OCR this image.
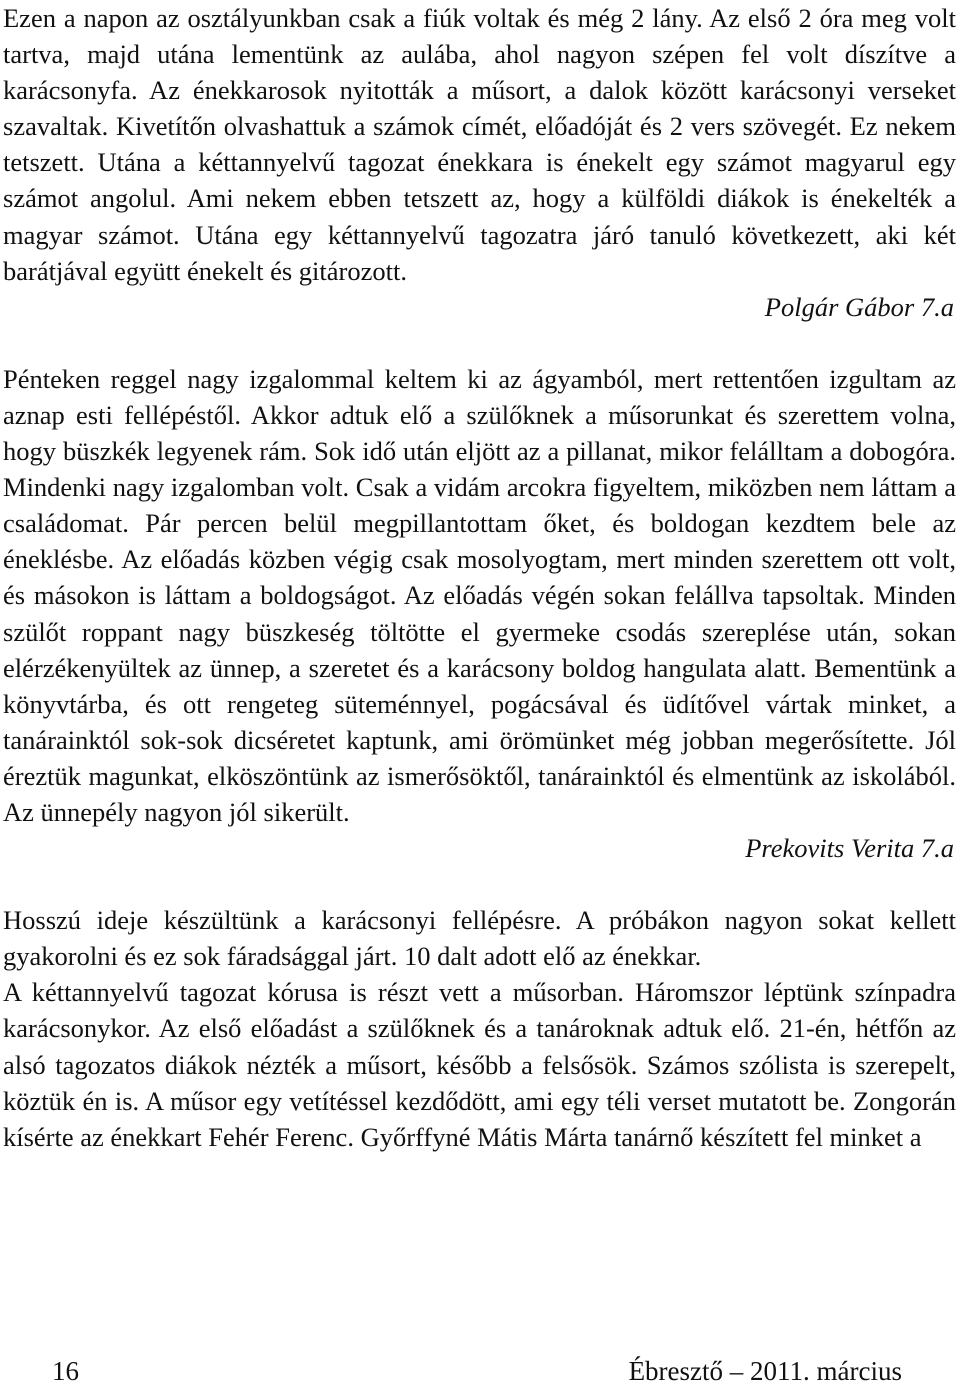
Ezen a napon az osztályunkban csak a fiúk voltak és még 2 lány. Az első 2 óra meg volt tartva, majd utána lementünk az aulába, ahol nagyon szépen fel volt díszítve a karácsonyfa. Az énekkarosok nyitották a műsort, a dalok között karácsonyi verseket szavaltak. Kivetítőn olvashattuk a számok címét, előadóját és 2 vers szövegét. Ez nekem tetszett. Utána a kéttannyelvű tagozat énekkara is énekelt egy számot magyarul egy számot angolul. Ami nekem ebben tetszett az, hogy a külföldi diákok is énekelték a magyar számot. Utána egy kéttannyelvű tagozatra járó tanuló következett, aki két barátjával együtt énekelt és gitározott.

Polgár Gábor 7.a

Pénteken reggel nagy izgalommal keltem ki az ágyamból, mert rettentően izgultam az aznap esti fellépéstől. Akkor adtuk elő a szülőknek a műsorunkat és szerettem volna, hogy büszkék legyenek rám. Sok idő után eljött az a pillanat, mikor felálltam a dobogóra. Mindenki nagy izgalomban volt. Csak a vidám arcokra figyeltem, miközben nem láttam a családomat. Pár percen belül megpillantottam őket, és boldogan kezdtem bele az éneklésbe. Az előadás közben végig csak mosolyogtam, mert minden szerettem ott volt, és másokon is láttam a boldogságot. Az előadás végén sokan felállva tapsoltak. Minden szülőt roppant nagy büszkeség töltötte el gyermeke csodás szereplése után, sokan elérzékenyültek az ünnep, a szeretet és a karácsony boldog hangulata alatt. Bementünk a könyvtárba, és ott rengeteg süteménnyel, pogácsával és üdítővel vártak minket, a tanárainktól sok-sok dicséretet kaptunk, ami örömünket még jobban megerősítette. Jól éreztük magunkat, elköszöntünk az ismerősöktől, tanárainktól és elmentünk az iskolából. Az ünnepély nagyon jól sikerült.

Prekovits Verita 7.a

Hosszú ideje készültünk a karácsonyi fellépésre. A próbákon nagyon sokat kellett gyakorolni és ez sok fáradsággal járt. 10 dalt adott elő az énekkar.

A kéttannyelvű tagozat kórusa is részt vett a műsorban. Háromszor léptünk színpadra karácsonykor. Az első előadást a szülőknek és a tanároknak adtuk elő. 21-én, hétfőn az alsó tagozatos diákok nézték a műsort, később a felsősök. Számos szólista is szerepelt, köztük én is. A műsor egy vetítéssel kezdődött, ami egy téli verset mutatott be. Zongorán kísérte az énekkart Fehér Ferenc. Győrffyné Mátis Márta tanárnő készített fel minket a

16	Ébresztő – 2011. március
